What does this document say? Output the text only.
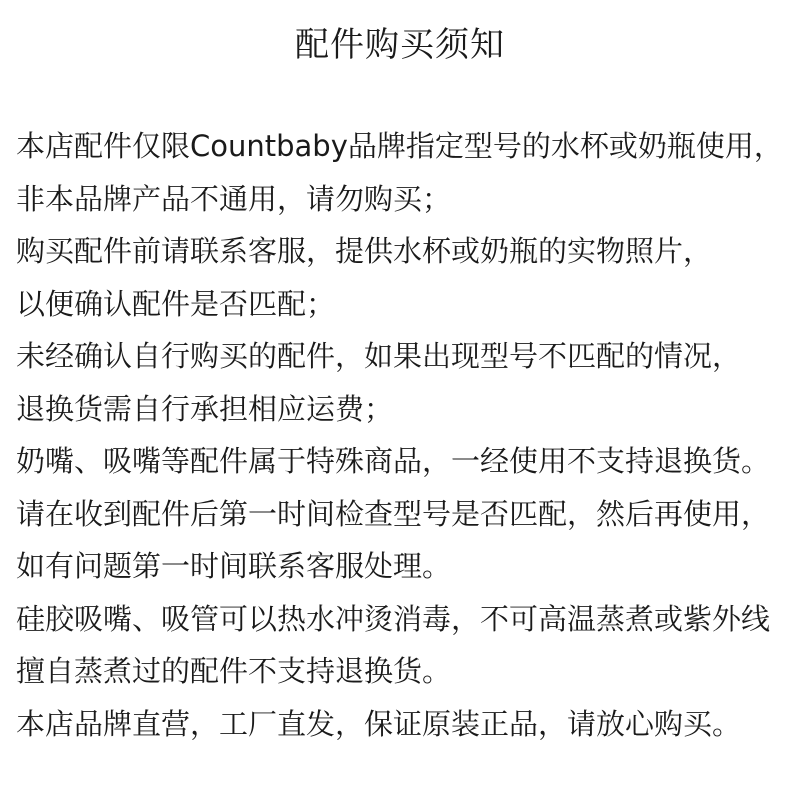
配件购买须知
本店配件仅限Countbaby品牌指定型号的水杯或奶瓶使用，
非本品牌产品不通用，请勿购买；
购买配件前请联系客服，提供水杯或奶瓶的实物照片，
以便确认配件是否匹配；
未经确认自行购买的配件，如果出现型号不匹配的情况，
退换货需自行承担相应运费；
奶嘴、吸嘴等配件属于特殊商品，一经使用不支持退换货。
请在收到配件后第一时间检查型号是否匹配，然后再使用，
如有问题第一时间联系客服处理。
硅胶吸嘴、吸管可以热水冲烫消毒，不可高温蒸煮或紫外线
擅自蒸煮过的配件不支持退换货。
本店品牌直营，工厂直发，保证原装正品，请放心购买。
